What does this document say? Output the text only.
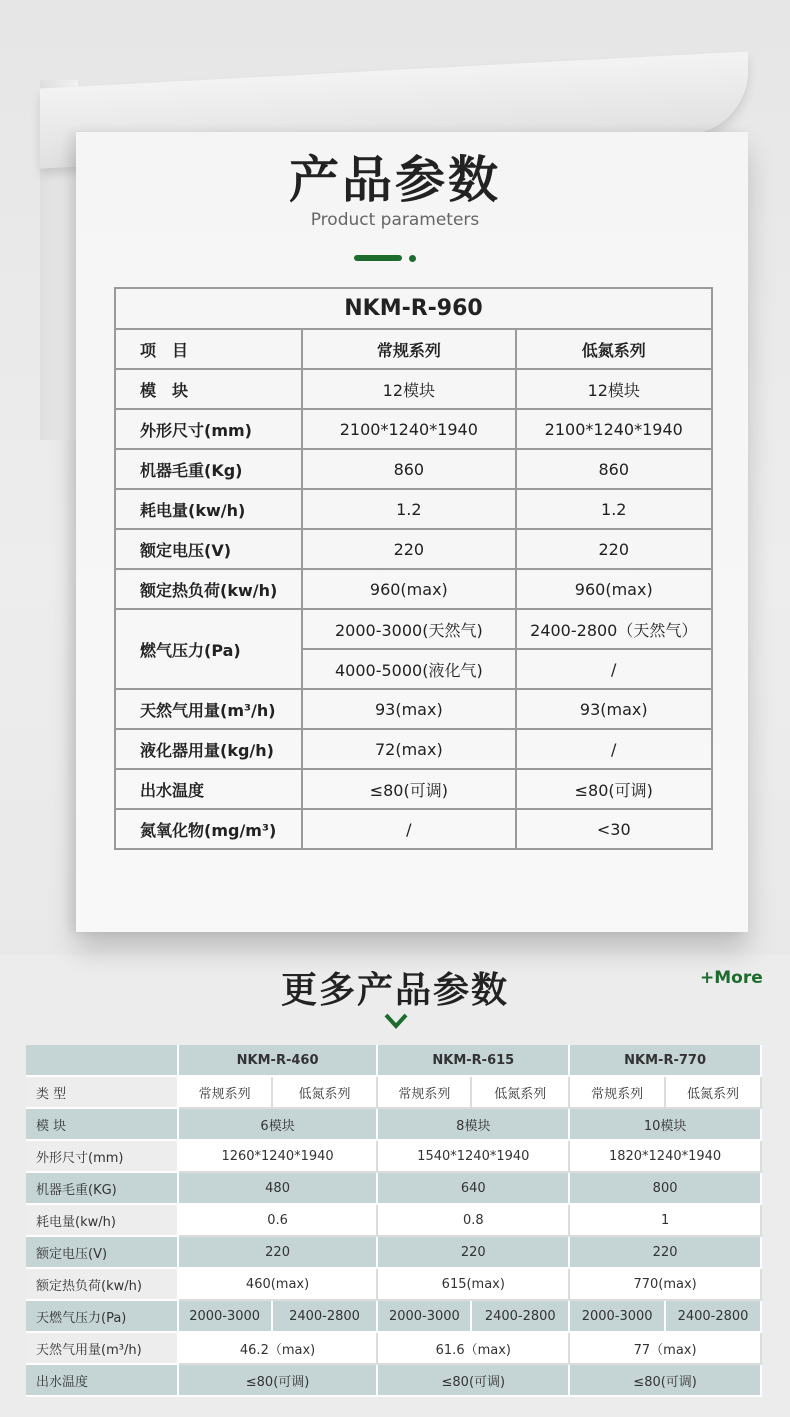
产品参数
Product parameters
NKM-R-960		
项　目	常规系列	低氮系列
模　块	12模块	12模块
外形尺寸(mm)	2100*1240*1940	2100*1240*1940
机器毛重(Kg)	860	860
耗电量(kw/h)	1.2	1.2
额定电压(V)	220	220
额定热负荷(kw/h)	960(max)	960(max)
燃气压力(Pa)	2000-3000(天然气)	2400-2800（天然气）
	4000-5000(液化气)	/
天然气用量(m³/h)	93(max)	93(max)
液化器用量(kg/h)	72(max)	/
出水温度	≤80(可调)	≤80(可调)
氮氧化物(mg/m³)	/	<30
更多产品参数	+More
	NKM-R-460		NKM-R-615		NKM-R-770	
类 型	常规系列	低氮系列	常规系列	低氮系列	常规系列	低氮系列
模 块	6模块		8模块		10模块	
外形尺寸(mm)	1260*1240*1940		1540*1240*1940		1820*1240*1940	
机器毛重(KG)	480		640		800	
耗电量(kw/h)	0.6		0.8		1	
额定电压(V)	220		220		220	
额定热负荷(kw/h)	460(max)		615(max)		770(max)	
天燃气压力(Pa)	2000-3000	2400-2800	2000-3000	2400-2800	2000-3000	2400-2800
天然气用量(m³/h)	46.2（max)		61.6（max)		77（max)	
出水温度	≤80(可调)		≤80(可调)		≤80(可调)	
